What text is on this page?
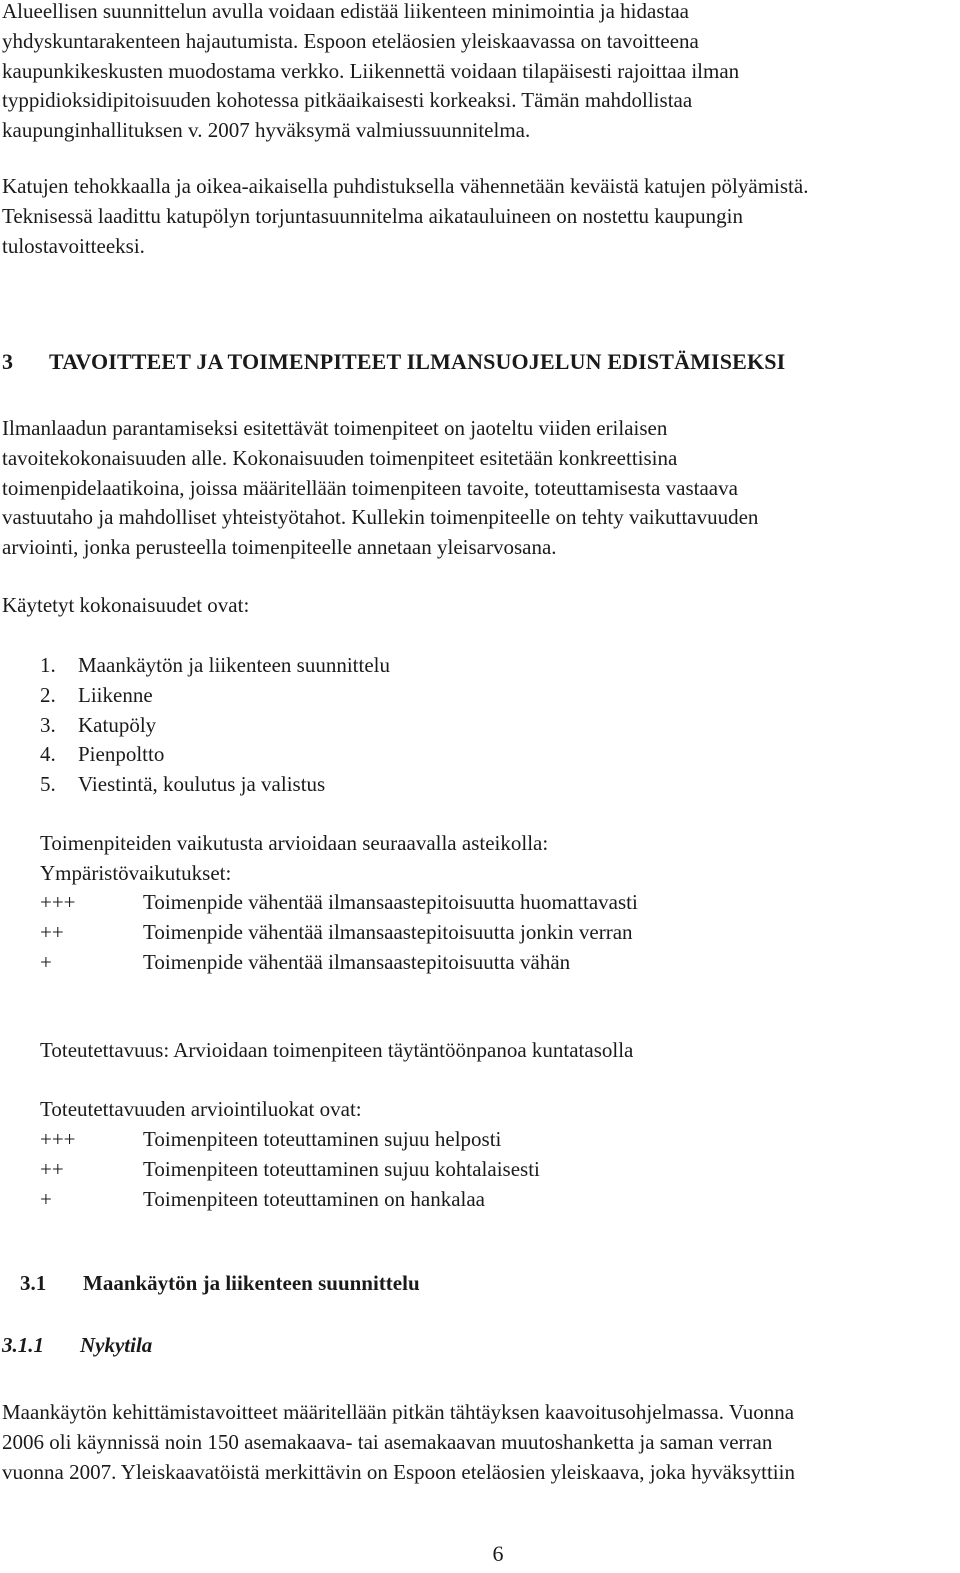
Alueellisen suunnittelun avulla voidaan edistää liikenteen minimointia ja hidastaa

yhdyskuntarakenteen hajautumista. Espoon eteläosien yleiskaavassa on tavoitteena

kaupunkikeskusten muodostama verkko. Liikennettä voidaan tilapäisesti rajoittaa ilman

typpidioksidipitoisuuden kohotessa pitkäaikaisesti korkeaksi. Tämän mahdollistaa

kaupunginhallituksen v. 2007 hyväksymä valmiussuunnitelma.

Katujen tehokkaalla ja oikea-aikaisella puhdistuksella vähennetään keväistä katujen pölyämistä.

Teknisessä laadittu katupölyn torjuntasuunnitelma aikatauluineen on nostettu kaupungin

tulostavoitteeksi.

3 TAVOITTEET JA TOIMENPITEET ILMANSUOJELUN EDISTÄMISEKSI

Ilmanlaadun parantamiseksi esitettävät toimenpiteet on jaoteltu viiden erilaisen

tavoitekokonaisuuden alle. Kokonaisuuden toimenpiteet esitetään konkreettisina

toimenpidelaatikoina, joissa määritellään toimenpiteen tavoite, toteuttamisesta vastaava

vastuutaho ja mahdolliset yhteistyötahot. Kullekin toimenpiteelle on tehty vaikuttavuuden

arviointi, jonka perusteella toimenpiteelle annetaan yleisarvosana.

Käytetyt kokonaisuudet ovat:
1. Maankäytön ja liikenteen suunnittelu
2. Liikenne
3. Katupöly
4. Pienpoltto
5. Viestintä, koulutus ja valistus

Toimenpiteiden vaikutusta arvioidaan seuraavalla asteikolla:

Ympäristövaikutukset:

+++	Toimenpide vähentää ilmansaastepitoisuutta huomattavasti
++	Toimenpide vähentää ilmansaastepitoisuutta jonkin verran
+	Toimenpide vähentää ilmansaastepitoisuutta vähän
Toteutettavuus: Arvioidaan toimenpiteen täytäntöönpanoa kuntatasolla
Toteutettavuuden arviointiluokat ovat:
+++	Toimenpiteen toteuttaminen sujuu helposti
++	Toimenpiteen toteuttaminen sujuu kohtalaisesti
+	Toimenpiteen toteuttaminen on hankalaa
3.1 Maankäytön ja liikenteen suunnittelu
3.1.1 Nykytila

Maankäytön kehittämistavoitteet määritellään pitkän tähtäyksen kaavoitusohjelmassa. Vuonna

2006 oli käynnissä noin 150 asemakaava- tai asemakaavan muutoshanketta ja saman verran

vuonna 2007. Yleiskaavatöistä merkittävin on Espoon eteläosien yleiskaava, joka hyväksyttiin

6
